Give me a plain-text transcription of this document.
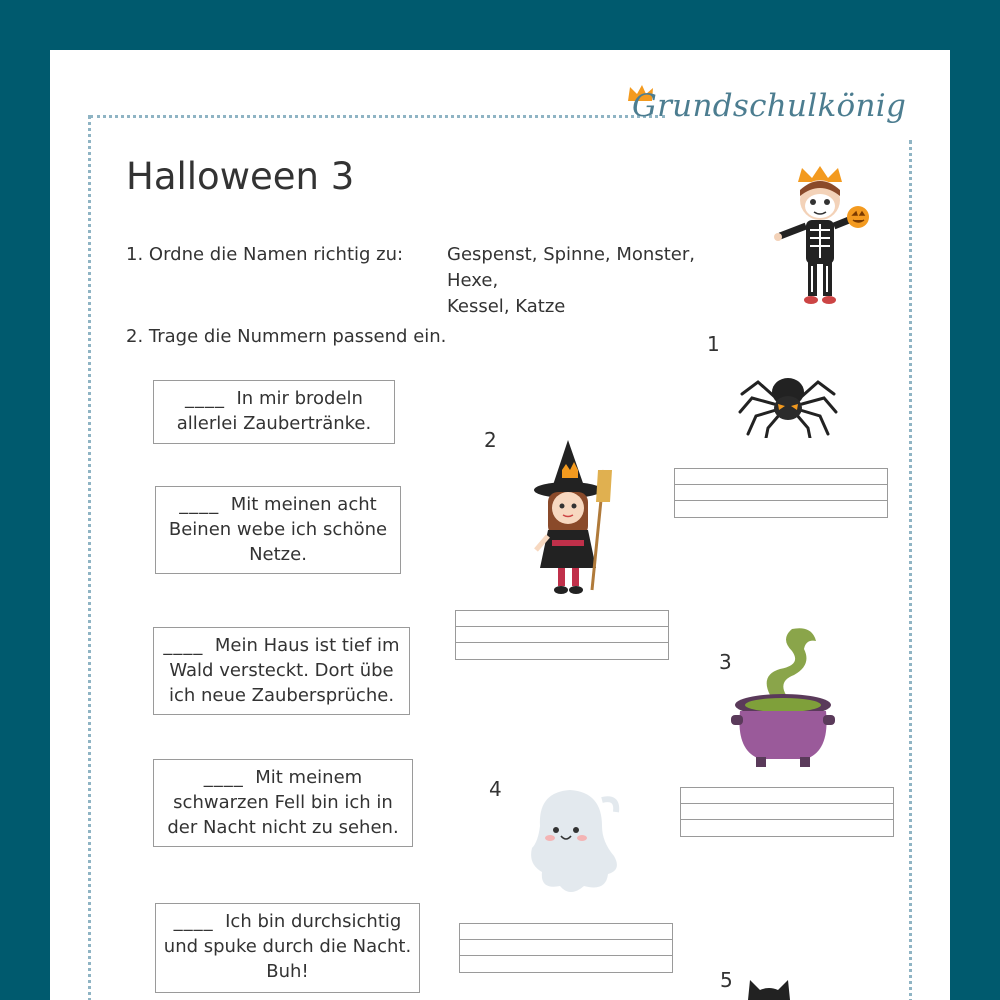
Grundschulkönig
Halloween 3
1. Ordne die Namen richtig zu: Gespenst, Spinne, Monster, Hexe,
Kessel, Katze
2. Trage die Nummern passend ein.
____ In mir brodeln
allerlei Zaubertränke.
____ Mit meinen acht
Beinen webe ich schöne
Netze.
____ Mein Haus ist tief im
Wald versteckt. Dort übe
ich neue Zaubersprüche.
____ Mit meinem
schwarzen Fell bin ich in
der Nacht nicht zu sehen.
____ Ich bin durchsichtig
und spuke durch die Nacht.
Buh!
1
2
3
4
5
